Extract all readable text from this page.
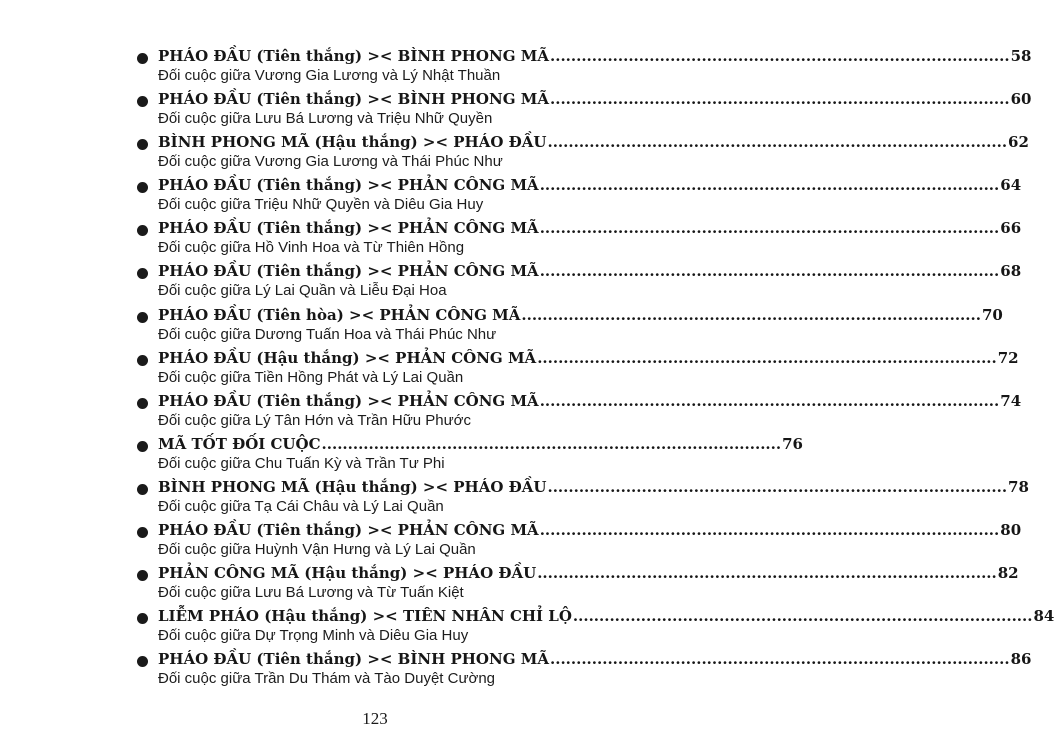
PHÁO ĐẦU (Tiên thắng) >< BÌNH PHONG MÃ ........................................................................................ 58
Đối cuộc giữa Vương Gia Lương và Lý Nhật Thuần
PHÁO ĐẦU (Tiên thắng) >< BÌNH PHONG MÃ ........................................................................................ 60
Đối cuộc giữa Lưu Bá Lương và Triệu Nhữ Quyền
BÌNH PHONG MÃ (Hậu thắng) >< PHÁO ĐẦU ........................................................................................ 62
Đối cuộc giữa Vương Gia Lương và Thái Phúc Như
PHÁO ĐẦU (Tiên thắng) >< PHẢN CÔNG MÃ ........................................................................................ 64
Đối cuộc giữa Triệu Nhữ Quyền và Diêu Gia Huy
PHÁO ĐẦU (Tiên thắng) >< PHẢN CÔNG MÃ ........................................................................................ 66
Đối cuộc giữa Hồ Vinh Hoa và Từ Thiên Hồng
PHÁO ĐẦU (Tiên thắng) >< PHẢN CÔNG MÃ ........................................................................................ 68
Đối cuộc giữa Lý Lai Quần và Liễu Đại Hoa
PHÁO ĐẦU (Tiên hòa) >< PHẢN CÔNG MÃ ........................................................................................ 70
Đối cuộc giữa Dương Tuấn Hoa và Thái Phúc Như
PHÁO ĐẦU (Hậu thắng) >< PHẢN CÔNG MÃ ........................................................................................ 72
Đối cuộc giữa Tiền Hồng Phát và Lý Lai Quần
PHÁO ĐẦU (Tiên thắng) >< PHẢN CÔNG MÃ ........................................................................................ 74
Đối cuộc giữa Lý Tân Hớn và Trần Hữu Phước
MÃ TỐT ĐỐI CUỘC ........................................................................................ 76
Đối cuộc giữa Chu Tuấn Kỳ và Trần Tư Phi
BÌNH PHONG MÃ (Hậu thắng) >< PHÁO ĐẦU ........................................................................................ 78
Đối cuộc giữa Tạ Cái Châu và Lý Lai Quần
PHÁO ĐẦU (Tiên thắng) >< PHẢN CÔNG MÃ ........................................................................................ 80
Đối cuộc giữa Huỳnh Vận Hưng và Lý Lai Quần
PHẢN CÔNG MÃ (Hậu thắng) >< PHÁO ĐẦU ........................................................................................ 82
Đối cuộc giữa Lưu Bá Lương và Từ Tuấn Kiệt
LIỄM PHÁO (Hậu thắng) >< TIÊN NHÂN CHỈ LỘ ........................................................................................ 84
Đối cuộc giữa Dự Trọng Minh và Diêu Gia Huy
PHÁO ĐẦU (Tiên thắng) >< BÌNH PHONG MÃ ........................................................................................ 86
Đối cuộc giữa Trần Du Thám và Tào Duyệt Cường
123
